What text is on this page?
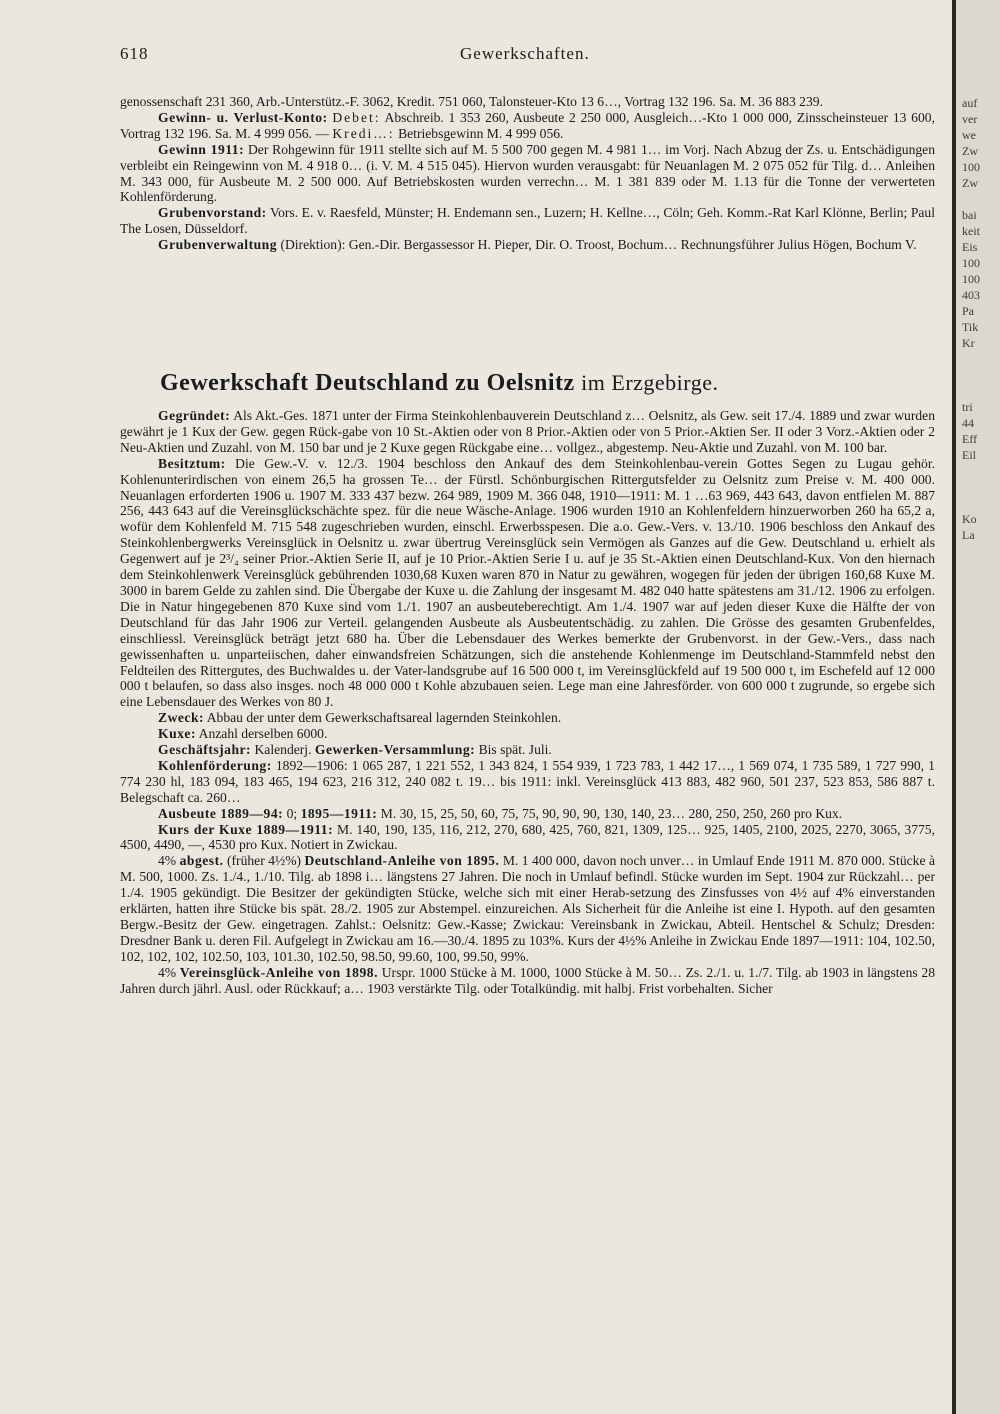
618	Gewerkschaften.

genossenschaft 231 360, Arb.-Unterstütz.-F. 3062, Kredit. 751 060, Talonsteuer-Kto 13 6…, Vortrag 132 196. Sa. M. 36 883 239.

Gewinn- u. Verlust-Konto: Debet: Abschreib. 1 353 260, Ausbeute 2 250 000, Ausgleich…-Kto 1 000 000, Zinsscheinsteuer 13 600, Vortrag 132 196. Sa. M. 4 999 056. — Kredi…: Betriebsgewinn M. 4 999 056.

Gewinn 1911: Der Rohgewinn für 1911 stellte sich auf M. 5 500 700 gegen M. 4 981 1… im Vorj. Nach Abzug der Zs. u. Entschädigungen verbleibt ein Reingewinn von M. 4 918 0… (i. V. M. 4 515 045). Hiervon wurden verausgabt: für Neuanlagen M. 2 075 052 für Tilg. d… Anleihen M. 343 000, für Ausbeute M. 2 500 000. Auf Betriebskosten wurden verrechn… M. 1 381 839 oder M. 1.13 für die Tonne der verwerteten Kohlenförderung.

Grubenvorstand: Vors. E. v. Raesfeld, Münster; H. Endemann sen., Luzern; H. Kellne…, Cöln; Geh. Komm.-Rat Karl Klönne, Berlin; Paul The Losen, Düsseldorf.

Grubenverwaltung (Direktion): Gen.-Dir. Bergassessor H. Pieper, Dir. O. Troost, Bochum… Rechnungsführer Julius Högen, Bochum V.

Gewerkschaft Deutschland zu Oelsnitz im Erzgebirge.

Gegründet: Als Akt.-Ges. 1871 unter der Firma Steinkohlenbauverein Deutschland z… Oelsnitz, als Gew. seit 17./4. 1889 und zwar wurden gewährt je 1 Kux der Gew. gegen Rück-gabe von 10 St.-Aktien oder von 8 Prior.-Aktien oder von 5 Prior.-Aktien Ser. II oder 3 Vorz.-Aktien oder 2 Neu-Aktien und Zuzahl. von M. 150 bar und je 2 Kuxe gegen Rückgabe eine… vollgez., abgestemp. Neu-Aktie und Zuzahl. von M. 100 bar.

Besitztum: Die Gew.-V. v. 12./3. 1904 beschloss den Ankauf des dem Steinkohlenbau-verein Gottes Segen zu Lugau gehör. Kohlenunterirdischen von einem 26,5 ha grossen Te… der Fürstl. Schönburgischen Rittergutsfelder zu Oelsnitz zum Preise v. M. 400 000. Neuanlagen erforderten 1906 u. 1907 M. 333 437 bezw. 264 989, 1909 M. 366 048, 1910—1911: M. 1 …63 969, 443 643, davon entfielen M. 887 256, 443 643 auf die Vereinsglückschächte spez. für die neue Wäsche-Anlage. 1906 wurden 1910 an Kohlenfeldern hinzuerworben 260 ha 65,2 a, wofür dem Kohlenfeld M. 715 548 zugeschrieben wurden, einschl. Erwerbsspesen. Die a.o. Gew.-Vers. v. 13./10. 1906 beschloss den Ankauf des Steinkohlenbergwerks Vereinsglück in Oelsnitz u. zwar übertrug Vereinsglück sein Vermögen als Ganzes auf die Gew. Deutschland u. erhielt als Gegenwert auf je 2³/₄ seiner Prior.-Aktien Serie II, auf je 10 Prior.-Aktien Serie I u. auf je 35 St.-Aktien einen Deutschland-Kux. Von den hiernach dem Steinkohlenwerk Vereinsglück gebührenden 1030,68 Kuxen waren 870 in Natur zu gewähren, wogegen für jeden der übrigen 160,68 Kuxe M. 3000 in barem Gelde zu zahlen sind. Die Übergabe der Kuxe u. die Zahlung der insgesamt M. 482 040 hatte spätestens am 31./12. 1906 zu erfolgen. Die in Natur hingegebenen 870 Kuxe sind vom 1./1. 1907 an ausbeuteberechtigt. Am 1./4. 1907 war auf jeden dieser Kuxe die Hälfte der von Deutschland für das Jahr 1906 zur Verteil. gelangenden Ausbeute als Ausbeutentschädig. zu zahlen. Die Grösse des gesamten Grubenfeldes, einschliessl. Vereinsglück beträgt jetzt 680 ha. Über die Lebensdauer des Werkes bemerkte der Grubenvorst. in der Gew.-Vers., dass nach gewissenhaften u. unparteiischen, daher einwandsfreien Schätzungen, sich die anstehende Kohlenmenge im Deutschland-Stammfeld nebst den Feldteilen des Rittergutes, des Buchwaldes u. der Vater-landsgrube auf 16 500 000 t, im Vereinsglückfeld auf 19 500 000 t, im Eschefeld auf 12 000 000 t belaufen, so dass also insges. noch 48 000 000 t Kohle abzubauen seien. Lege man eine Jahresförder. von 600 000 t zugrunde, so ergebe sich eine Lebensdauer des Werkes von 80 J.

Zweck: Abbau der unter dem Gewerkschaftsareal lagernden Steinkohlen.

Kuxe: Anzahl derselben 6000.

Geschäftsjahr: Kalenderj. Gewerken-Versammlung: Bis spät. Juli.

Kohlenförderung: 1892—1906: 1 065 287, 1 221 552, 1 343 824, 1 554 939, 1 723 783, 1 442 17…, 1 569 074, 1 735 589, 1 727 990, 1 774 230 hl, 183 094, 183 465, 194 623, 216 312, 240 082 t. 19… bis 1911: inkl. Vereinsglück 413 883, 482 960, 501 237, 523 853, 586 887 t. Belegschaft ca. 260…

Ausbeute 1889—94: 0; 1895—1911: M. 30, 15, 25, 50, 60, 75, 75, 90, 90, 90, 130, 140, 23… 280, 250, 250, 260 pro Kux.

Kurs der Kuxe 1889—1911: M. 140, 190, 135, 116, 212, 270, 680, 425, 760, 821, 1309, 125… 925, 1405, 2100, 2025, 2270, 3065, 3775, 4500, 4490, —, 4530 pro Kux. Notiert in Zwickau.

4% abgest. (früher 4½%) Deutschland-Anleihe von 1895. M. 1 400 000, davon noch unver… in Umlauf Ende 1911 M. 870 000. Stücke à M. 500, 1000. Zs. 1./4., 1./10. Tilg. ab 1898 i… längstens 27 Jahren. Die noch in Umlauf befindl. Stücke wurden im Sept. 1904 zur Rückzahl… per 1./4. 1905 gekündigt. Die Besitzer der gekündigten Stücke, welche sich mit einer Herab-setzung des Zinsfusses von 4½ auf 4% einverstanden erklärten, hatten ihre Stücke bis spät. 28./2. 1905 zur Abstempel. einzureichen. Als Sicherheit für die Anleihe ist eine I. Hypoth. auf den gesamten Bergw.-Besitz der Gew. eingetragen. Zahlst.: Oelsnitz: Gew.-Kasse; Zwickau: Vereinsbank in Zwickau, Abteil. Hentschel & Schulz; Dresden: Dresdner Bank u. deren Fil. Aufgelegt in Zwickau am 16.—30./4. 1895 zu 103%. Kurs der 4½% Anleihe in Zwickau Ende 1897—1911: 104, 102.50, 102, 102, 102, 102.50, 103, 101.30, 102.50, 98.50, 99.60, 100, 99.50, 99%.

4% Vereinsglück-Anleihe von 1898. Urspr. 1000 Stücke à M. 1000, 1000 Stücke à M. 50… Zs. 2./1. u. 1./7. Tilg. ab 1903 in längstens 28 Jahren durch jährl. Ausl. oder Rückkauf; a… 1903 verstärkte Tilg. oder Totalkündig. mit halbj. Frist vorbehalten. Sicher

auf
ver
we
Zw
100
Zw
bai
keit
Eis
100
100
403
Pa
Tik
Kr
tri
44
Eff
Eil
Ko
La
